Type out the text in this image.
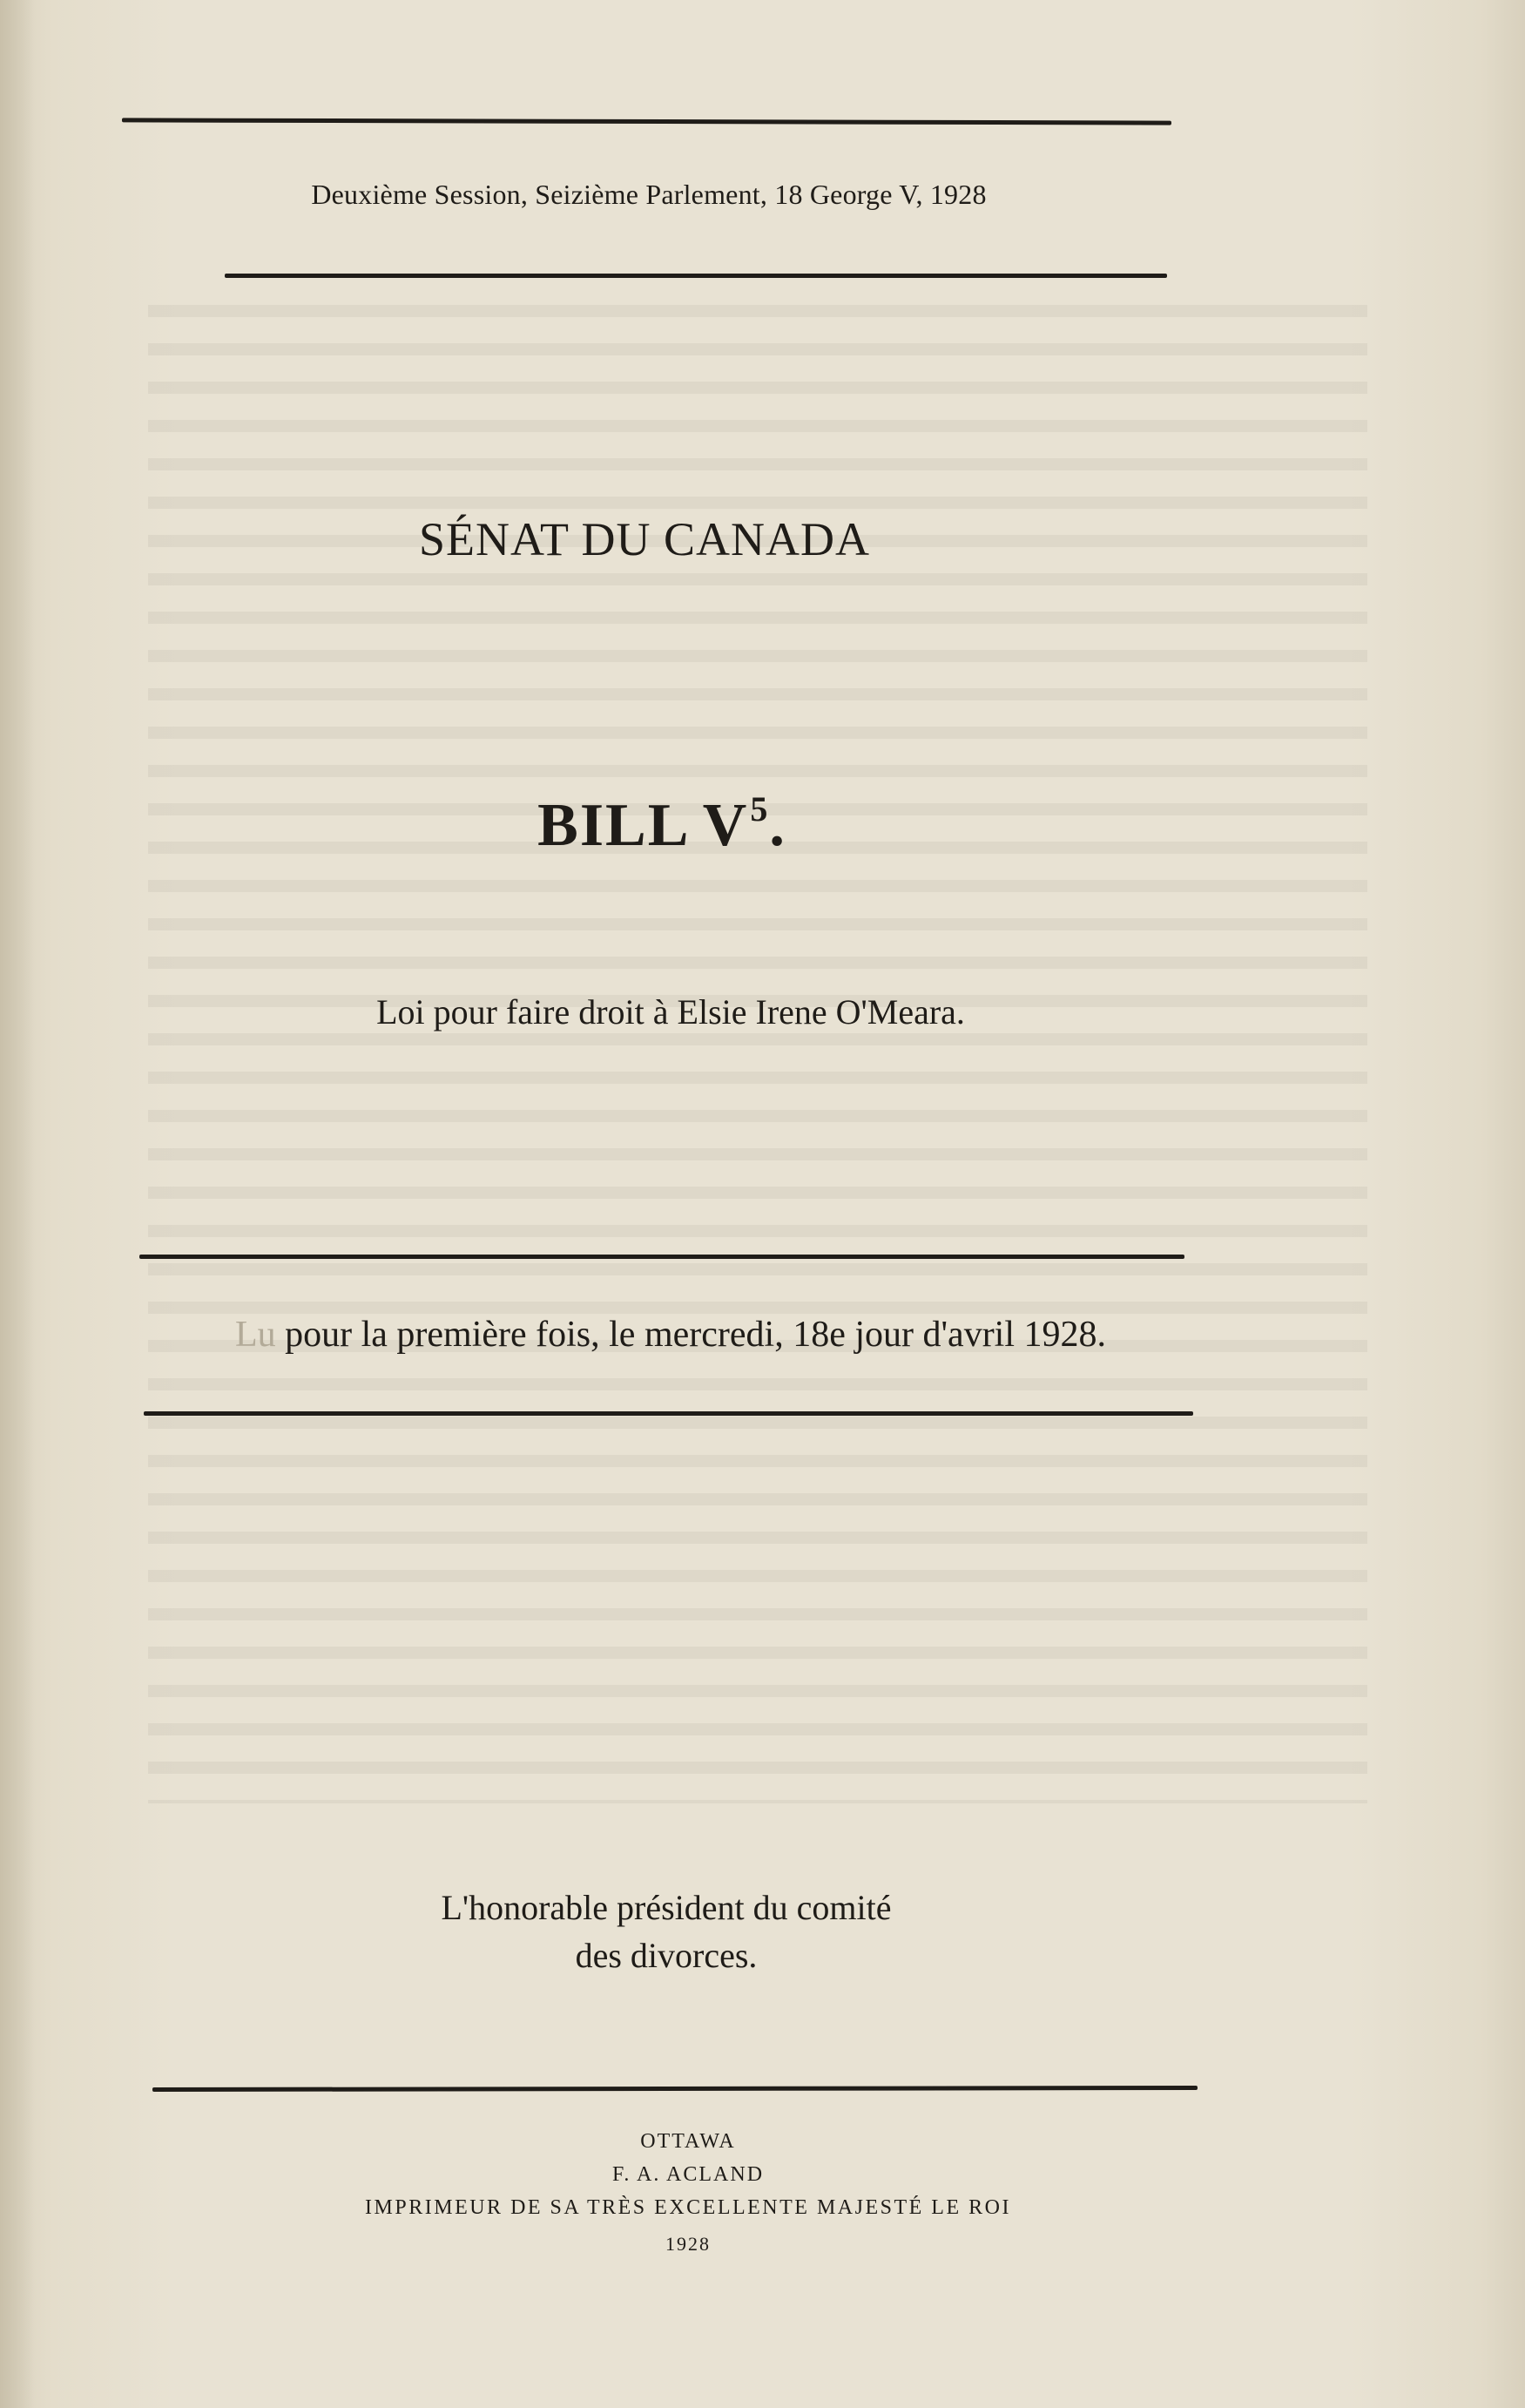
Deuxième Session, Seizième Parlement, 18 George V, 1928
SÉNAT DU CANADA
BILL $V^5$.
Loi pour faire droit à Elsie Irene O'Meara.
Lu pour la première fois, le mercredi, 18e jour d'avril 1928.
L'honorable président du comité
des divorces.
OTTAWA
F. A. ACLAND
IMPRIMEUR DE SA TRÈS EXCELLENTE MAJESTÉ LE ROI
1928
